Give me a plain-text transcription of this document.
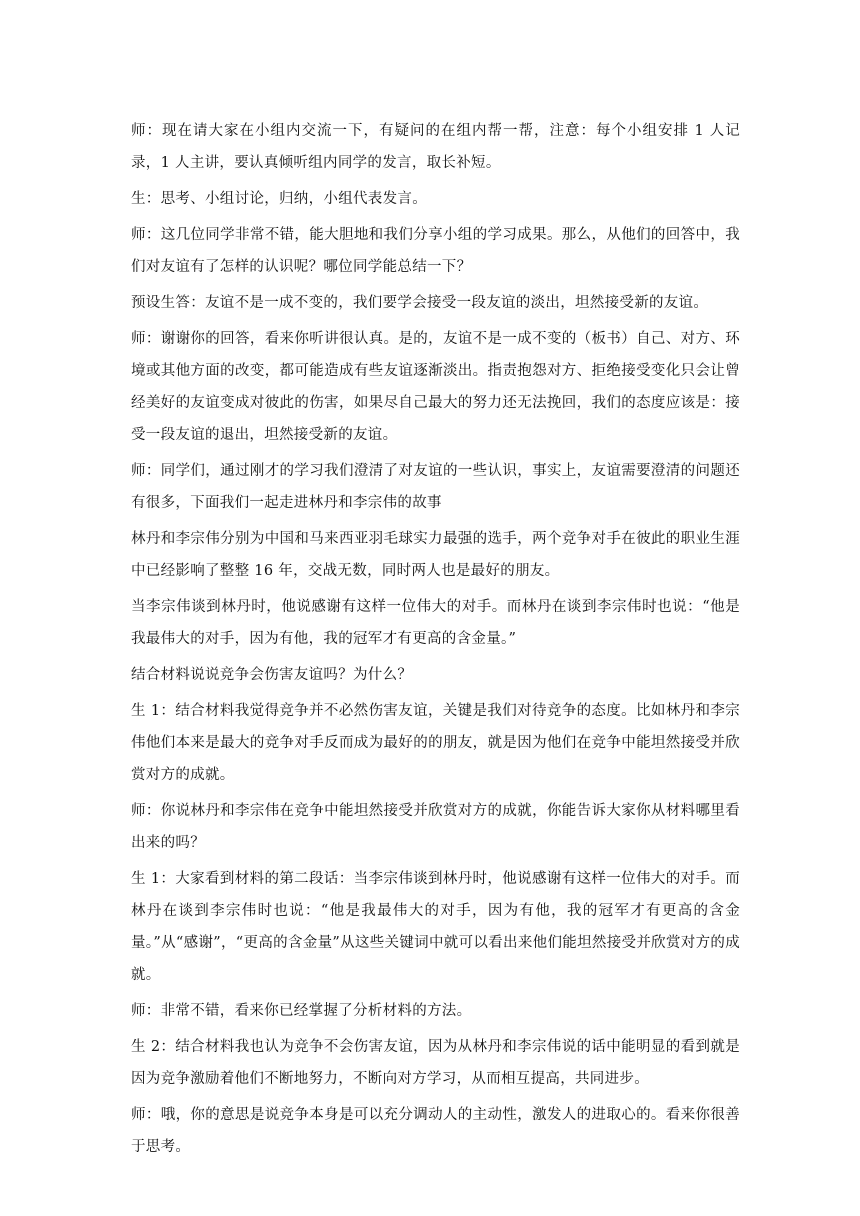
师：现在请大家在小组内交流一下，有疑问的在组内帮一帮，注意：每个小组安排 1 人记录，1 人主讲，要认真倾听组内同学的发言，取长补短。

生：思考、小组讨论，归纳，小组代表发言。

师：这几位同学非常不错，能大胆地和我们分享小组的学习成果。那么，从他们的回答中，我们对友谊有了怎样的认识呢？哪位同学能总结一下？

预设生答：友谊不是一成不变的，我们要学会接受一段友谊的淡出，坦然接受新的友谊。

师：谢谢你的回答，看来你听讲很认真。是的，友谊不是一成不变的（板书）自己、对方、环境或其他方面的改变，都可能造成有些友谊逐渐淡出。指责抱怨对方、拒绝接受变化只会让曾经美好的友谊变成对彼此的伤害，如果尽自己最大的努力还无法挽回，我们的态度应该是：接受一段友谊的退出，坦然接受新的友谊。

师：同学们，通过刚才的学习我们澄清了对友谊的一些认识，事实上，友谊需要澄清的问题还有很多，下面我们一起走进林丹和李宗伟的故事

林丹和李宗伟分别为中国和马来西亚羽毛球实力最强的选手，两个竞争对手在彼此的职业生涯中已经影响了整整 16 年，交战无数，同时两人也是最好的朋友。

当李宗伟谈到林丹时，他说感谢有这样一位伟大的对手。而林丹在谈到李宗伟时也说：“他是我最伟大的对手，因为有他，我的冠军才有更高的含金量。”

结合材料说说竞争会伤害友谊吗？为什么？

生 1：结合材料我觉得竞争并不必然伤害友谊，关键是我们对待竞争的态度。比如林丹和李宗伟他们本来是最大的竞争对手反而成为最好的的朋友，就是因为他们在竞争中能坦然接受并欣赏对方的成就。

师：你说林丹和李宗伟在竞争中能坦然接受并欣赏对方的成就，你能告诉大家你从材料哪里看出来的吗？

生 1：大家看到材料的第二段话：当李宗伟谈到林丹时，他说感谢有这样一位伟大的对手。而林丹在谈到李宗伟时也说：“他是我最伟大的对手，因为有他，我的冠军才有更高的含金量。”从“感谢”，“更高的含金量”从这些关键词中就可以看出来他们能坦然接受并欣赏对方的成就。

师：非常不错，看来你已经掌握了分析材料的方法。

生 2：结合材料我也认为竞争不会伤害友谊，因为从林丹和李宗伟说的话中能明显的看到就是因为竞争激励着他们不断地努力，不断向对方学习，从而相互提高，共同进步。

师：哦，你的意思是说竞争本身是可以充分调动人的主动性，激发人的进取心的。看来你很善于思考。
